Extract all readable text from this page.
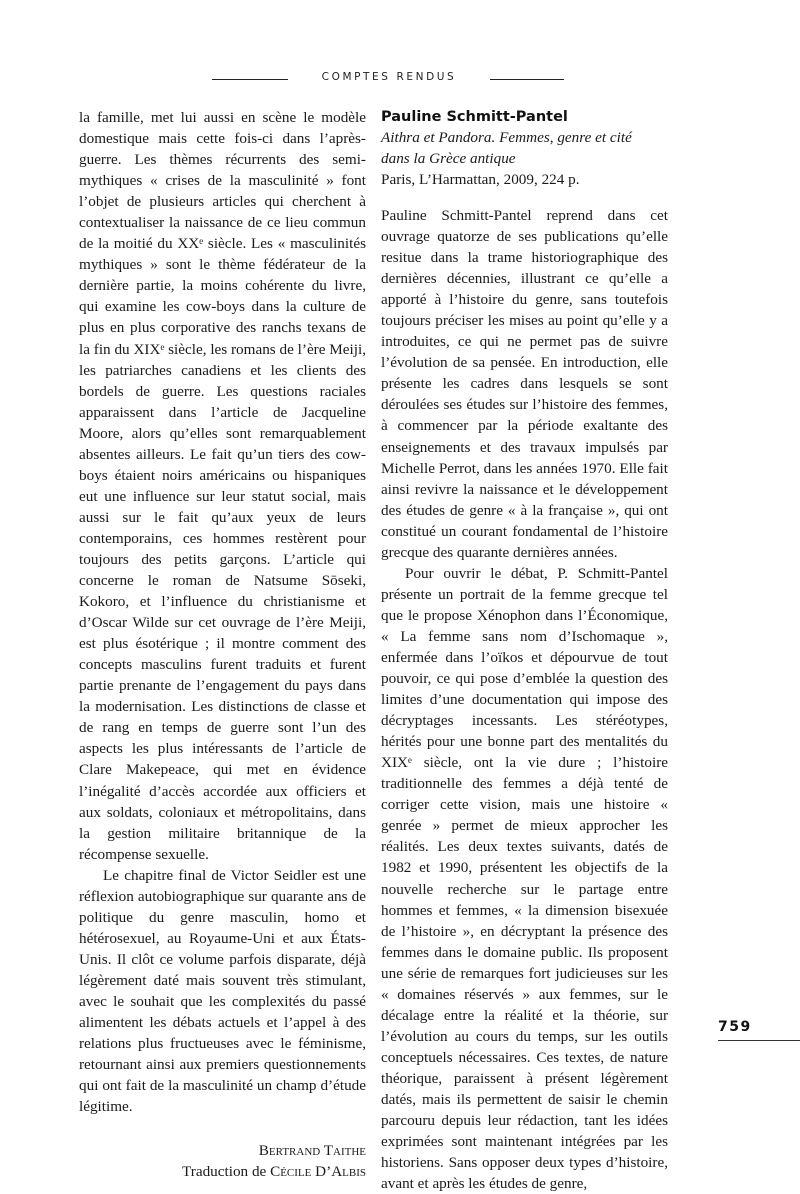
COMPTES RENDUS

la famille, met lui aussi en scène le modèle domestique mais cette fois-ci dans l’après-guerre. Les thèmes récurrents des semi-mythiques « crises de la masculinité » font l’objet de plusieurs articles qui cherchent à contextualiser la naissance de ce lieu commun de la moitié du XXᵉ siècle. Les « masculinités mythiques » sont le thème fédérateur de la dernière partie, la moins cohérente du livre, qui examine les cow-boys dans la culture de plus en plus corporative des ranchs texans de la fin du XIXᵉ siècle, les romans de l’ère Meiji, les patriarches canadiens et les clients des bordels de guerre. Les questions raciales apparaissent dans l’article de Jacqueline Moore, alors qu’elles sont remarquablement absentes ailleurs. Le fait qu’un tiers des cow-boys étaient noirs américains ou hispaniques eut une influence sur leur statut social, mais aussi sur le fait qu’aux yeux de leurs contemporains, ces hommes restèrent pour toujours des petits garçons. L’article qui concerne le roman de Natsume Sōseki, Kokoro, et l’influence du christianisme et d’Oscar Wilde sur cet ouvrage de l’ère Meiji, est plus ésotérique ; il montre comment des concepts masculins furent traduits et furent partie prenante de l’engagement du pays dans la modernisation. Les distinctions de classe et de rang en temps de guerre sont l’un des aspects les plus intéressants de l’article de Clare Makepeace, qui met en évidence l’inégalité d’accès accordée aux officiers et aux soldats, coloniaux et métropolitains, dans la gestion militaire britannique de la récompense sexuelle.

Le chapitre final de Victor Seidler est une réflexion autobiographique sur quarante ans de politique du genre masculin, homo et hétérosexuel, au Royaume-Uni et aux États-Unis. Il clôt ce volume parfois disparate, déjà légèrement daté mais souvent très stimulant, avec le souhait que les complexités du passé alimentent les débats actuels et l’appel à des relations plus fructueuses avec le féminisme, retournant ainsi aux premiers questionnements qui ont fait de la masculinité un champ d’étude légitime.

Bertrand Taithe
Traduction de Cécile D’Albis
Pauline Schmitt-Pantel
Aithra et Pandora. Femmes, genre et cité
dans la Grèce antique
Paris, L’Harmattan, 2009, 224 p.

Pauline Schmitt-Pantel reprend dans cet ouvrage quatorze de ses publications qu’elle resitue dans la trame historiographique des dernières décennies, illustrant ce qu’elle a apporté à l’histoire du genre, sans toutefois toujours préciser les mises au point qu’elle y a introduites, ce qui ne permet pas de suivre l’évolution de sa pensée. En introduction, elle présente les cadres dans lesquels se sont déroulées ses études sur l’histoire des femmes, à commencer par la période exaltante des enseignements et des travaux impulsés par Michelle Perrot, dans les années 1970. Elle fait ainsi revivre la naissance et le développement des études de genre « à la française », qui ont constitué un courant fondamental de l’histoire grecque des quarante dernières années.

Pour ouvrir le débat, P. Schmitt-Pantel présente un portrait de la femme grecque tel que le propose Xénophon dans l’Économique, « La femme sans nom d’Ischomaque », enfermée dans l’oïkos et dépourvue de tout pouvoir, ce qui pose d’emblée la question des limites d’une documentation qui impose des décryptages incessants. Les stéréotypes, hérités pour une bonne part des mentalités du XIXᵉ siècle, ont la vie dure ; l’histoire traditionnelle des femmes a déjà tenté de corriger cette vision, mais une histoire « genrée » permet de mieux approcher les réalités. Les deux textes suivants, datés de 1982 et 1990, présentent les objectifs de la nouvelle recherche sur le partage entre hommes et femmes, « la dimension bisexuée de l’histoire », en décryptant la présence des femmes dans le domaine public. Ils proposent une série de remarques fort judicieuses sur les « domaines réservés » aux femmes, sur le décalage entre la réalité et la théorie, sur l’évolution au cours du temps, sur les outils conceptuels nécessaires. Ces textes, de nature théorique, paraissent à présent légèrement datés, mais ils permettent de saisir le chemin parcouru depuis leur rédaction, tant les idées exprimées sont maintenant intégrées par les historiens. Sans opposer deux types d’histoire, avant et après les études de genre,

759
